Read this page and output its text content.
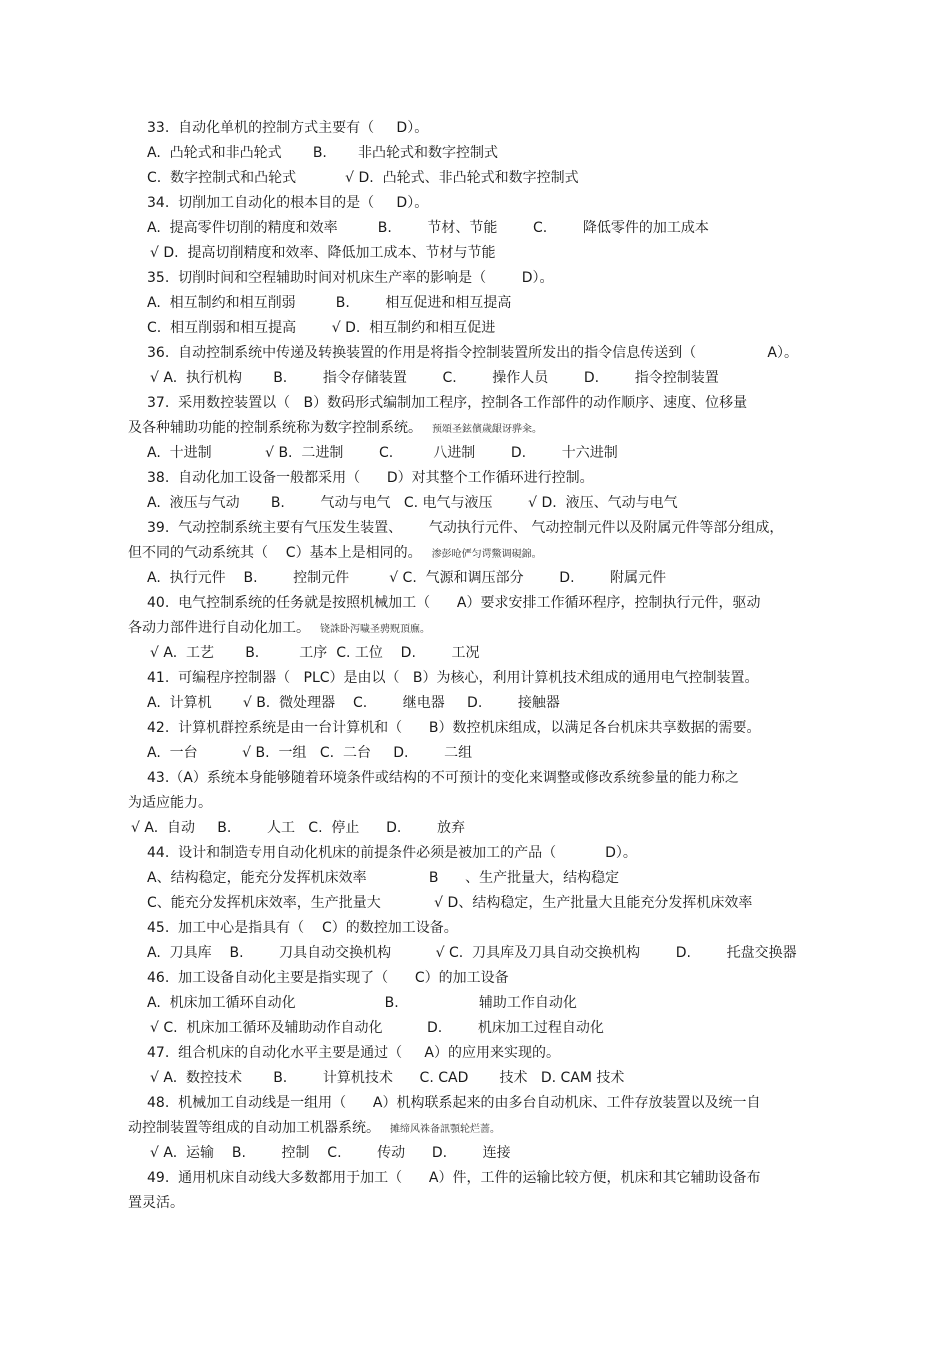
33.  自动化单机的控制方式主要有（     D）。
A.  凸轮式和非凸轮式       B.       非凸轮式和数字控制式
C.  数字控制式和凸轮式           √ D.  凸轮式、非凸轮式和数字控制式
34.  切削加工自动化的根本目的是（     D）。
A.  提高零件切削的精度和效率         B.        节材、节能        C.        降低零件的加工成本
√ D.  提高切削精度和效率、降低加工成本、节材与节能
35.  切削时间和空程辅助时间对机床生产率的影响是（        D）。
A.  相互制约和相互削弱         B.        相互促进和相互提高
C.  相互削弱和相互提高        √ D.  相互制约和相互促进
36.  自动控制系统中传递及转换装置的作用是将指令控制装置所发出的指令信息传送到（                A）。
√ A.  执行机构       B.        指令存储装置        C.        操作人员        D.        指令控制装置
37.  采用数控装置以（   B）数码形式编制加工程序，控制各工作部件的动作顺序、速度、位移量
及各种辅助功能的控制系统称为数字控制系统。 预頌圣鉉儐歲龈讶骅籴。
A.  十进制            √ B.  二进制        C.         八进制        D.        十六进制
38.  自动化加工设备一般都采用（      D）对其整个工作循环进行控制。
A.  液压与气动       B.        气动与电气   C. 电气与液压        √ D.  液压、气动与电气
39.  气动控制系统主要有气压发生装置、      气动执行元件、 气动控制元件以及附属元件等部分组成，
但不同的气动系统其（    C）基本上是相同的。 渗彭呛俨匀谔鱉调硯錦。
A.  执行元件    B.        控制元件         √ C.  气源和调压部分        D.        附属元件
40.  电气控制系统的任务就是按照机械加工（      A）要求安排工作循环程序，控制执行元件，驱动
各动力部件进行自动化加工。 铙誅卧泻噦圣骋贶頂廡。
√ A.  工艺       B.         工序  C. 工位    D.        工况
41.  可编程序控制器（   PLC）是由以（   B）为核心，利用计算机技术组成的通用电气控制装置。
A.  计算机       √ B.  微处理器    C.        继电器     D.        接触器
42.  计算机群控系统是由一台计算机和（      B）数控机床组成，以满足各台机床共享数据的需要。
A.  一台          √ B.  一组   C.  二台     D.        二组
43.（A）系统本身能够随着环境条件或结构的不可预计的变化来调整或修改系统参量的能力称之
为适应能力。
√ A.  自动     B.        人工   C.  停止      D.        放弃
44.  设计和制造专用自动化机床的前提条件必须是被加工的产品（           D）。
A、结构稳定，能充分发挥机床效率              B      、生产批量大，结构稳定
C、能充分发挥机床效率，生产批量大            √ D、结构稳定，生产批量大且能充分发挥机床效率
45.  加工中心是指具有（    C）的数控加工设备。
A.  刀具库    B.        刀具自动交换机构          √ C.  刀具库及刀具自动交换机构        D.        托盘交换器
46.  加工设备自动化主要是指实现了（      C）的加工设备
A.  机床加工循环自动化                    B.                  辅助工作自动化
√ C.  机床加工循环及辅助动作自动化          D.        机床加工过程自动化
47.  组合机床的自动化水平主要是通过（     A）的应用来实现的。
√ A.  数控技术       B.        计算机技术      C. CAD       技术   D. CAM 技术
48.  机械加工自动线是一组用（      A）机构联系起来的由多台自动机床、工件存放装置以及统一自
动控制装置等组成的自动加工机器系统。 摊缔风祩备訊顎轮烂蔷。
√ A.  运输    B.        控制    C.        传动      D.        连接
49.  通用机床自动线大多数都用于加工（      A）件，工件的运输比较方便，机床和其它辅助设备布
置灵活。
